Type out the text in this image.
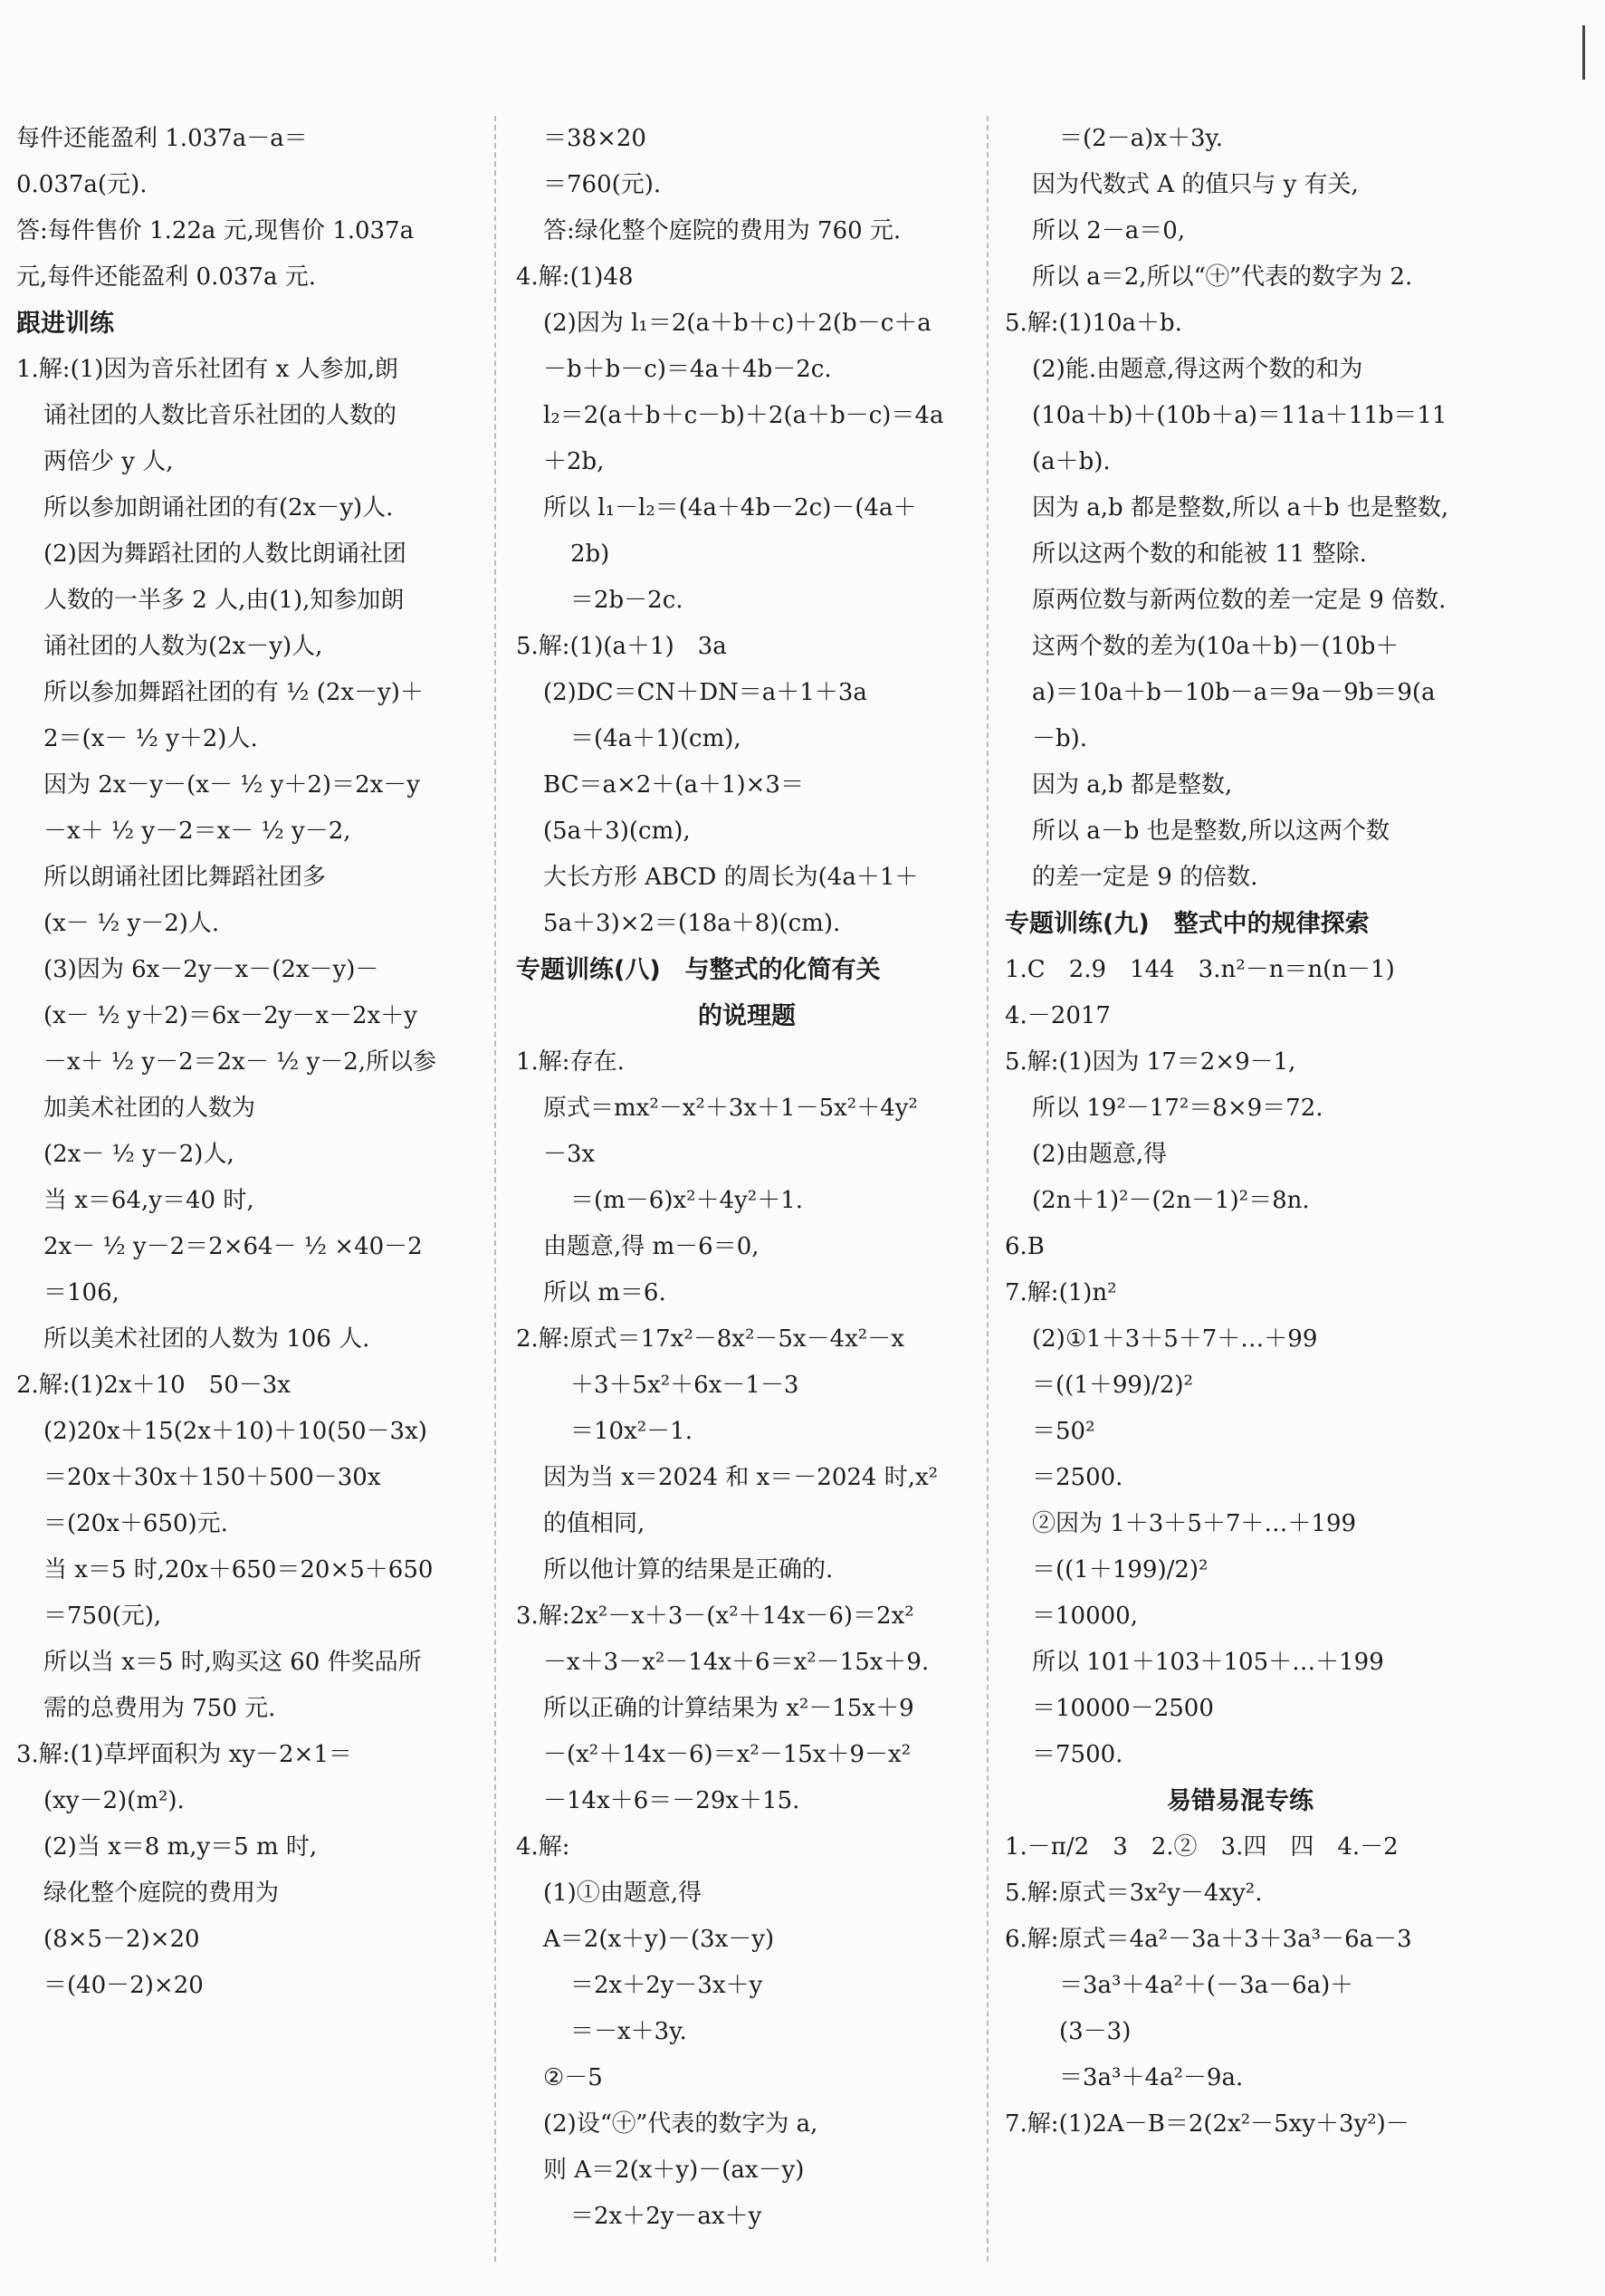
每件还能盈利 1.037a－a＝
0.037a(元).
答:每件售价 1.22a 元,现售价 1.037a
元,每件还能盈利 0.037a 元.
跟进训练
1.解:(1)因为音乐社团有 x 人参加,朗
诵社团的人数比音乐社团的人数的
两倍少 y 人,
所以参加朗诵社团的有(2x－y)人.
(2)因为舞蹈社团的人数比朗诵社团
人数的一半多 2 人,由(1),知参加朗
诵社团的人数为(2x－y)人,
所以参加舞蹈社团的有 ½ (2x－y)＋
2＝(x－ ½ y＋2)人.
因为 2x－y－(x－ ½ y＋2)＝2x－y
－x＋ ½ y－2＝x－ ½ y－2,
所以朗诵社团比舞蹈社团多
(x－ ½ y－2)人.
(3)因为 6x－2y－x－(2x－y)－
(x－ ½ y＋2)＝6x－2y－x－2x＋y
－x＋ ½ y－2＝2x－ ½ y－2,所以参
加美术社团的人数为
(2x－ ½ y－2)人,
当 x＝64,y＝40 时,
2x－ ½ y－2＝2×64－ ½ ×40－2
＝106,
所以美术社团的人数为 106 人.
2.解:(1)2x＋10　50－3x
(2)20x＋15(2x＋10)＋10(50－3x)
＝20x＋30x＋150＋500－30x
＝(20x＋650)元.
当 x＝5 时,20x＋650＝20×5＋650
＝750(元),
所以当 x＝5 时,购买这 60 件奖品所
需的总费用为 750 元.
3.解:(1)草坪面积为 xy－2×1＝
(xy－2)(m²).
(2)当 x＝8 m,y＝5 m 时,
绿化整个庭院的费用为
(8×5－2)×20
＝(40－2)×20
＝38×20
＝760(元).
答:绿化整个庭院的费用为 760 元.
4.解:(1)48
(2)因为 l₁＝2(a＋b＋c)＋2(b－c＋a
－b＋b－c)＝4a＋4b－2c.
l₂＝2(a＋b＋c－b)＋2(a＋b－c)＝4a
＋2b,
所以 l₁－l₂＝(4a＋4b－2c)－(4a＋
2b)
＝2b－2c.
5.解:(1)(a＋1)　3a
(2)DC＝CN＋DN＝a＋1＋3a
＝(4a＋1)(cm),
BC＝a×2＋(a＋1)×3＝
(5a＋3)(cm),
大长方形 ABCD 的周长为(4a＋1＋
5a＋3)×2＝(18a＋8)(cm).
专题训练(八)　与整式的化简有关
的说理题
1.解:存在.
原式＝mx²－x²＋3x＋1－5x²＋4y²
－3x
＝(m－6)x²＋4y²＋1.
由题意,得 m－6＝0,
所以 m＝6.
2.解:原式＝17x²－8x²－5x－4x²－x
＋3＋5x²＋6x－1－3
＝10x²－1.
因为当 x＝2024 和 x＝－2024 时,x²
的值相同,
所以他计算的结果是正确的.
3.解:2x²－x＋3－(x²＋14x－6)＝2x²
－x＋3－x²－14x＋6＝x²－15x＋9.
所以正确的计算结果为 x²－15x＋9
－(x²＋14x－6)＝x²－15x＋9－x²
－14x＋6＝－29x＋15.
4.解:
(1)①由题意,得
A＝2(x＋y)－(3x－y)
＝2x＋2y－3x＋y
＝－x＋3y.
②－5
(2)设“㊉”代表的数字为 a,
则 A＝2(x＋y)－(ax－y)
＝2x＋2y－ax＋y
＝(2－a)x＋3y.
因为代数式 A 的值只与 y 有关,
所以 2－a＝0,
所以 a＝2,所以“㊉”代表的数字为 2.
5.解:(1)10a＋b.
(2)能.由题意,得这两个数的和为
(10a＋b)＋(10b＋a)＝11a＋11b＝11
(a＋b).
因为 a,b 都是整数,所以 a＋b 也是整数,
所以这两个数的和能被 11 整除.
原两位数与新两位数的差一定是 9 倍数.
这两个数的差为(10a＋b)－(10b＋
a)＝10a＋b－10b－a＝9a－9b＝9(a
－b).
因为 a,b 都是整数,
所以 a－b 也是整数,所以这两个数
的差一定是 9 的倍数.
专题训练(九)　整式中的规律探索
1.C　2.9　144　3.n²－n＝n(n－1)
4.－2017
5.解:(1)因为 17＝2×9－1,
所以 19²－17²＝8×9＝72.
(2)由题意,得
(2n＋1)²－(2n－1)²＝8n.
6.B
7.解:(1)n²
(2)①1＋3＋5＋7＋…＋99
＝((1＋99)/2)²
＝50²
＝2500.
②因为 1＋3＋5＋7＋…＋199
＝((1＋199)/2)²
＝10000,
所以 101＋103＋105＋…＋199
＝10000－2500
＝7500.
易错易混专练
1.－π/2　3　2.②　3.四　四　4.－2
5.解:原式＝3x²y－4xy².
6.解:原式＝4a²－3a＋3＋3a³－6a－3
＝3a³＋4a²＋(－3a－6a)＋
(3－3)
＝3a³＋4a²－9a.
7.解:(1)2A－B＝2(2x²－5xy＋3y²)－
